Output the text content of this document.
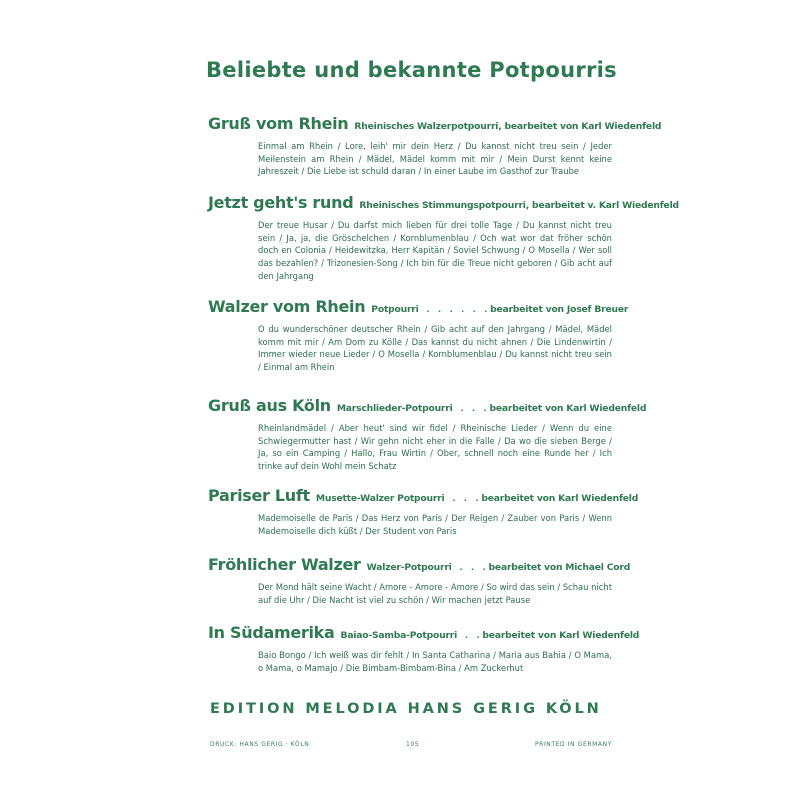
Beliebte und bekannte Potpourris
Gruß vom Rhein Rheinisches Walzerpotpourri, bearbeitet von Karl Wiedenfeld
Einmal am Rhein / Lore, leih' mir dein Herz / Du kannst nicht treu sein / Jeder Meilenstein am Rhein / Mädel, Mädel komm mit mir / Mein Durst kennt keine Jahreszeit / Die Liebe ist schuld daran / In einer Laube im Gasthof zur Traube
Jetzt geht's rund Rheinisches Stimmungspotpourri, bearbeitet v. Karl Wiedenfeld
Der treue Husar / Du darfst mich lieben für drei tolle Tage / Du kannst nicht treu sein / Ja, ja, die Gröschelchen / Kornblumenblau / Och wat wor dat fröher schön doch en Colonia / Heidewitzka, Herr Kapitän / Soviel Schwung / O Mosella / Wer soll das bezahlen? / Trizonesien-Song / Ich bin für die Treue nicht geboren / Gib acht auf den Jahrgang
Walzer vom Rhein Potpourri . . . . . . bearbeitet von Josef Breuer
O du wunderschöner deutscher Rhein / Gib acht auf den Jahrgang / Mädel, Mädel komm mit mir / Am Dom zu Kölle / Das kannst du nicht ahnen / Die Lindenwirtin / Immer wieder neue Lieder / O Mosella / Kornblumenblau / Du kannst nicht treu sein / Einmal am Rhein
Gruß aus Köln Marschlieder-Potpourri . . . bearbeitet von Karl Wiedenfeld
Rheinlandmädel / Aber heut' sind wir fidel / Rheinische Lieder / Wenn du eine Schwiegermutter hast / Wir gehn nicht eher in die Falle / Da wo die sieben Berge / Ja, so ein Camping / Hallo, Frau Wirtin / Ober, schnell noch eine Runde her / Ich trinke auf dein Wohl mein Schatz
Pariser Luft Musette-Walzer Potpourri . . . bearbeitet von Karl Wiedenfeld
Mademoiselle de Paris / Das Herz von Paris / Der Reigen / Zauber von Paris / Wenn Mademoiselle dich küßt / Der Student von Paris
Fröhlicher Walzer Walzer-Potpourri . . . bearbeitet von Michael Cord
Der Mond hält seine Wacht / Amore - Amore - Amore / So wird das sein / Schau nicht auf die Uhr / Die Nacht ist viel zu schön / Wir machen jetzt Pause
In Südamerika Baiao-Samba-Potpourri . . bearbeitet von Karl Wiedenfeld
Baio Bongo / Ich weiß was dir fehlt / In Santa Catharina / Maria aus Bahia / O Mama, o Mama, o Mamajo / Die Bimbam-Bimbam-Bina / Am Zuckerhut
EDITION MELODIA HANS GERIG KÖLN
DRUCK: HANS GERIG · KÖLN	105	PRINTED IN GERMANY
